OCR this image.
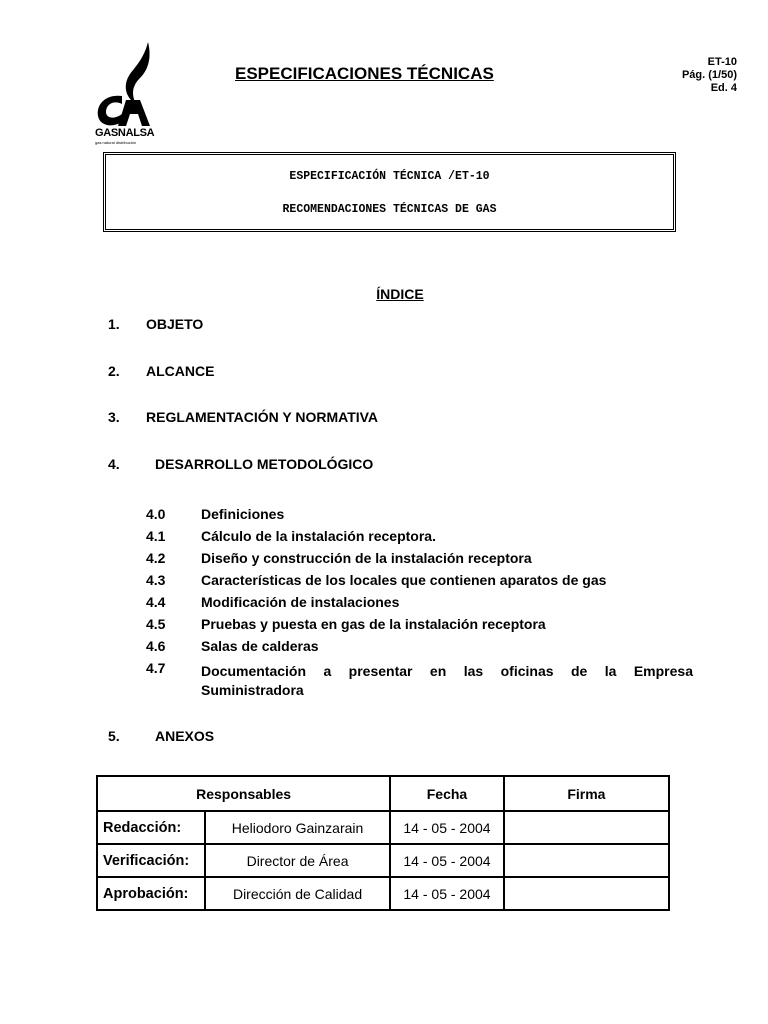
GASNALSA
gas natural distribución
ESPECIFICACIONES TÉCNICAS
ET-10
Pág. (1/50)
Ed. 4
ESPECIFICACIÓN TÉCNICA /ET-10
RECOMENDACIONES TÉCNICAS DE GAS
ÍNDICE
1. OBJETO
2. ALCANCE
3. REGLAMENTACIÓN Y NORMATIVA
4.	DESARROLLO METODOLÓGICO
4.0	Definiciones
4.1	Cálculo de la instalación receptora.
4.2	Diseño y construcción de la instalación receptora
4.3	Características de los locales que contienen aparatos de gas
4.4	Modificación de instalaciones
4.5	Pruebas y puesta en gas de la instalación receptora
4.6	Salas de calderas
4.7	Documentación a presentar en las oficinas de la Empresa
Suministradora
5.	ANEXOS
Responsables		Fecha	Firma
Redacción:	Heliodoro Gainzarain	14 - 05 - 2004	
Verificación:	Director de Área	14 - 05 - 2004	
Aprobación:	Dirección de Calidad	14 - 05 - 2004	
